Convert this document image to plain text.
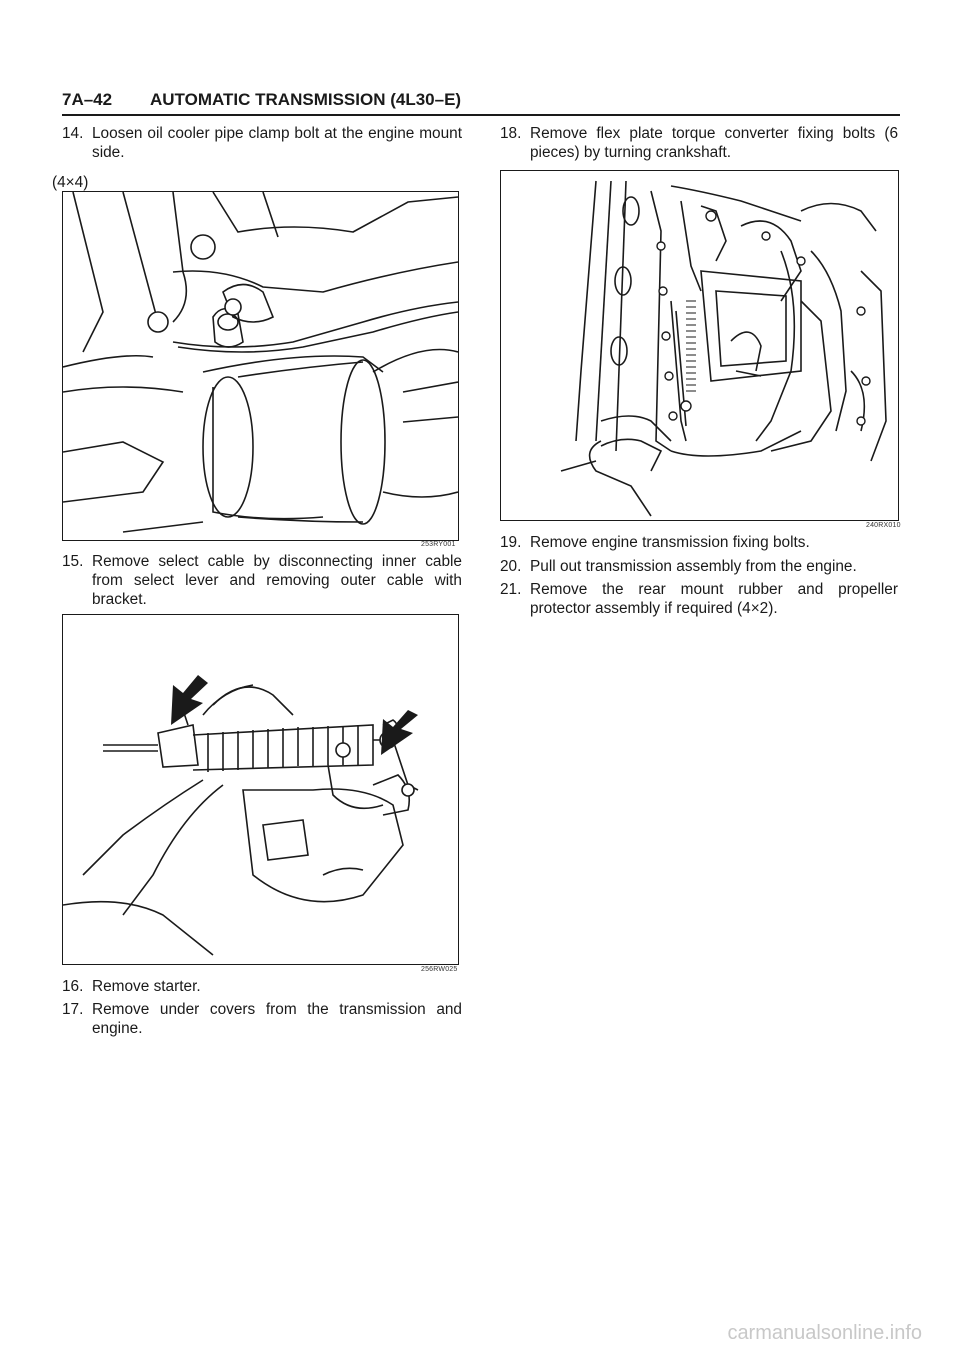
7A–42 AUTOMATIC TRANSMISSION (4L30–E)
14. Loosen oil cooler pipe clamp bolt at the engine mount side.
(4×4)
253RY001
15. Remove select cable by disconnecting inner cable from select lever and removing outer cable with bracket.
256RW025
16. Remove starter.
17. Remove under covers from the transmission and engine.
18. Remove flex plate torque converter fixing bolts (6 pieces) by turning crankshaft.
240RX010
19. Remove engine transmission fixing bolts.
20. Pull out transmission assembly from the engine.
21. Remove the rear mount rubber and propeller protector assembly if required (4×2).
carmanualsonline.info
